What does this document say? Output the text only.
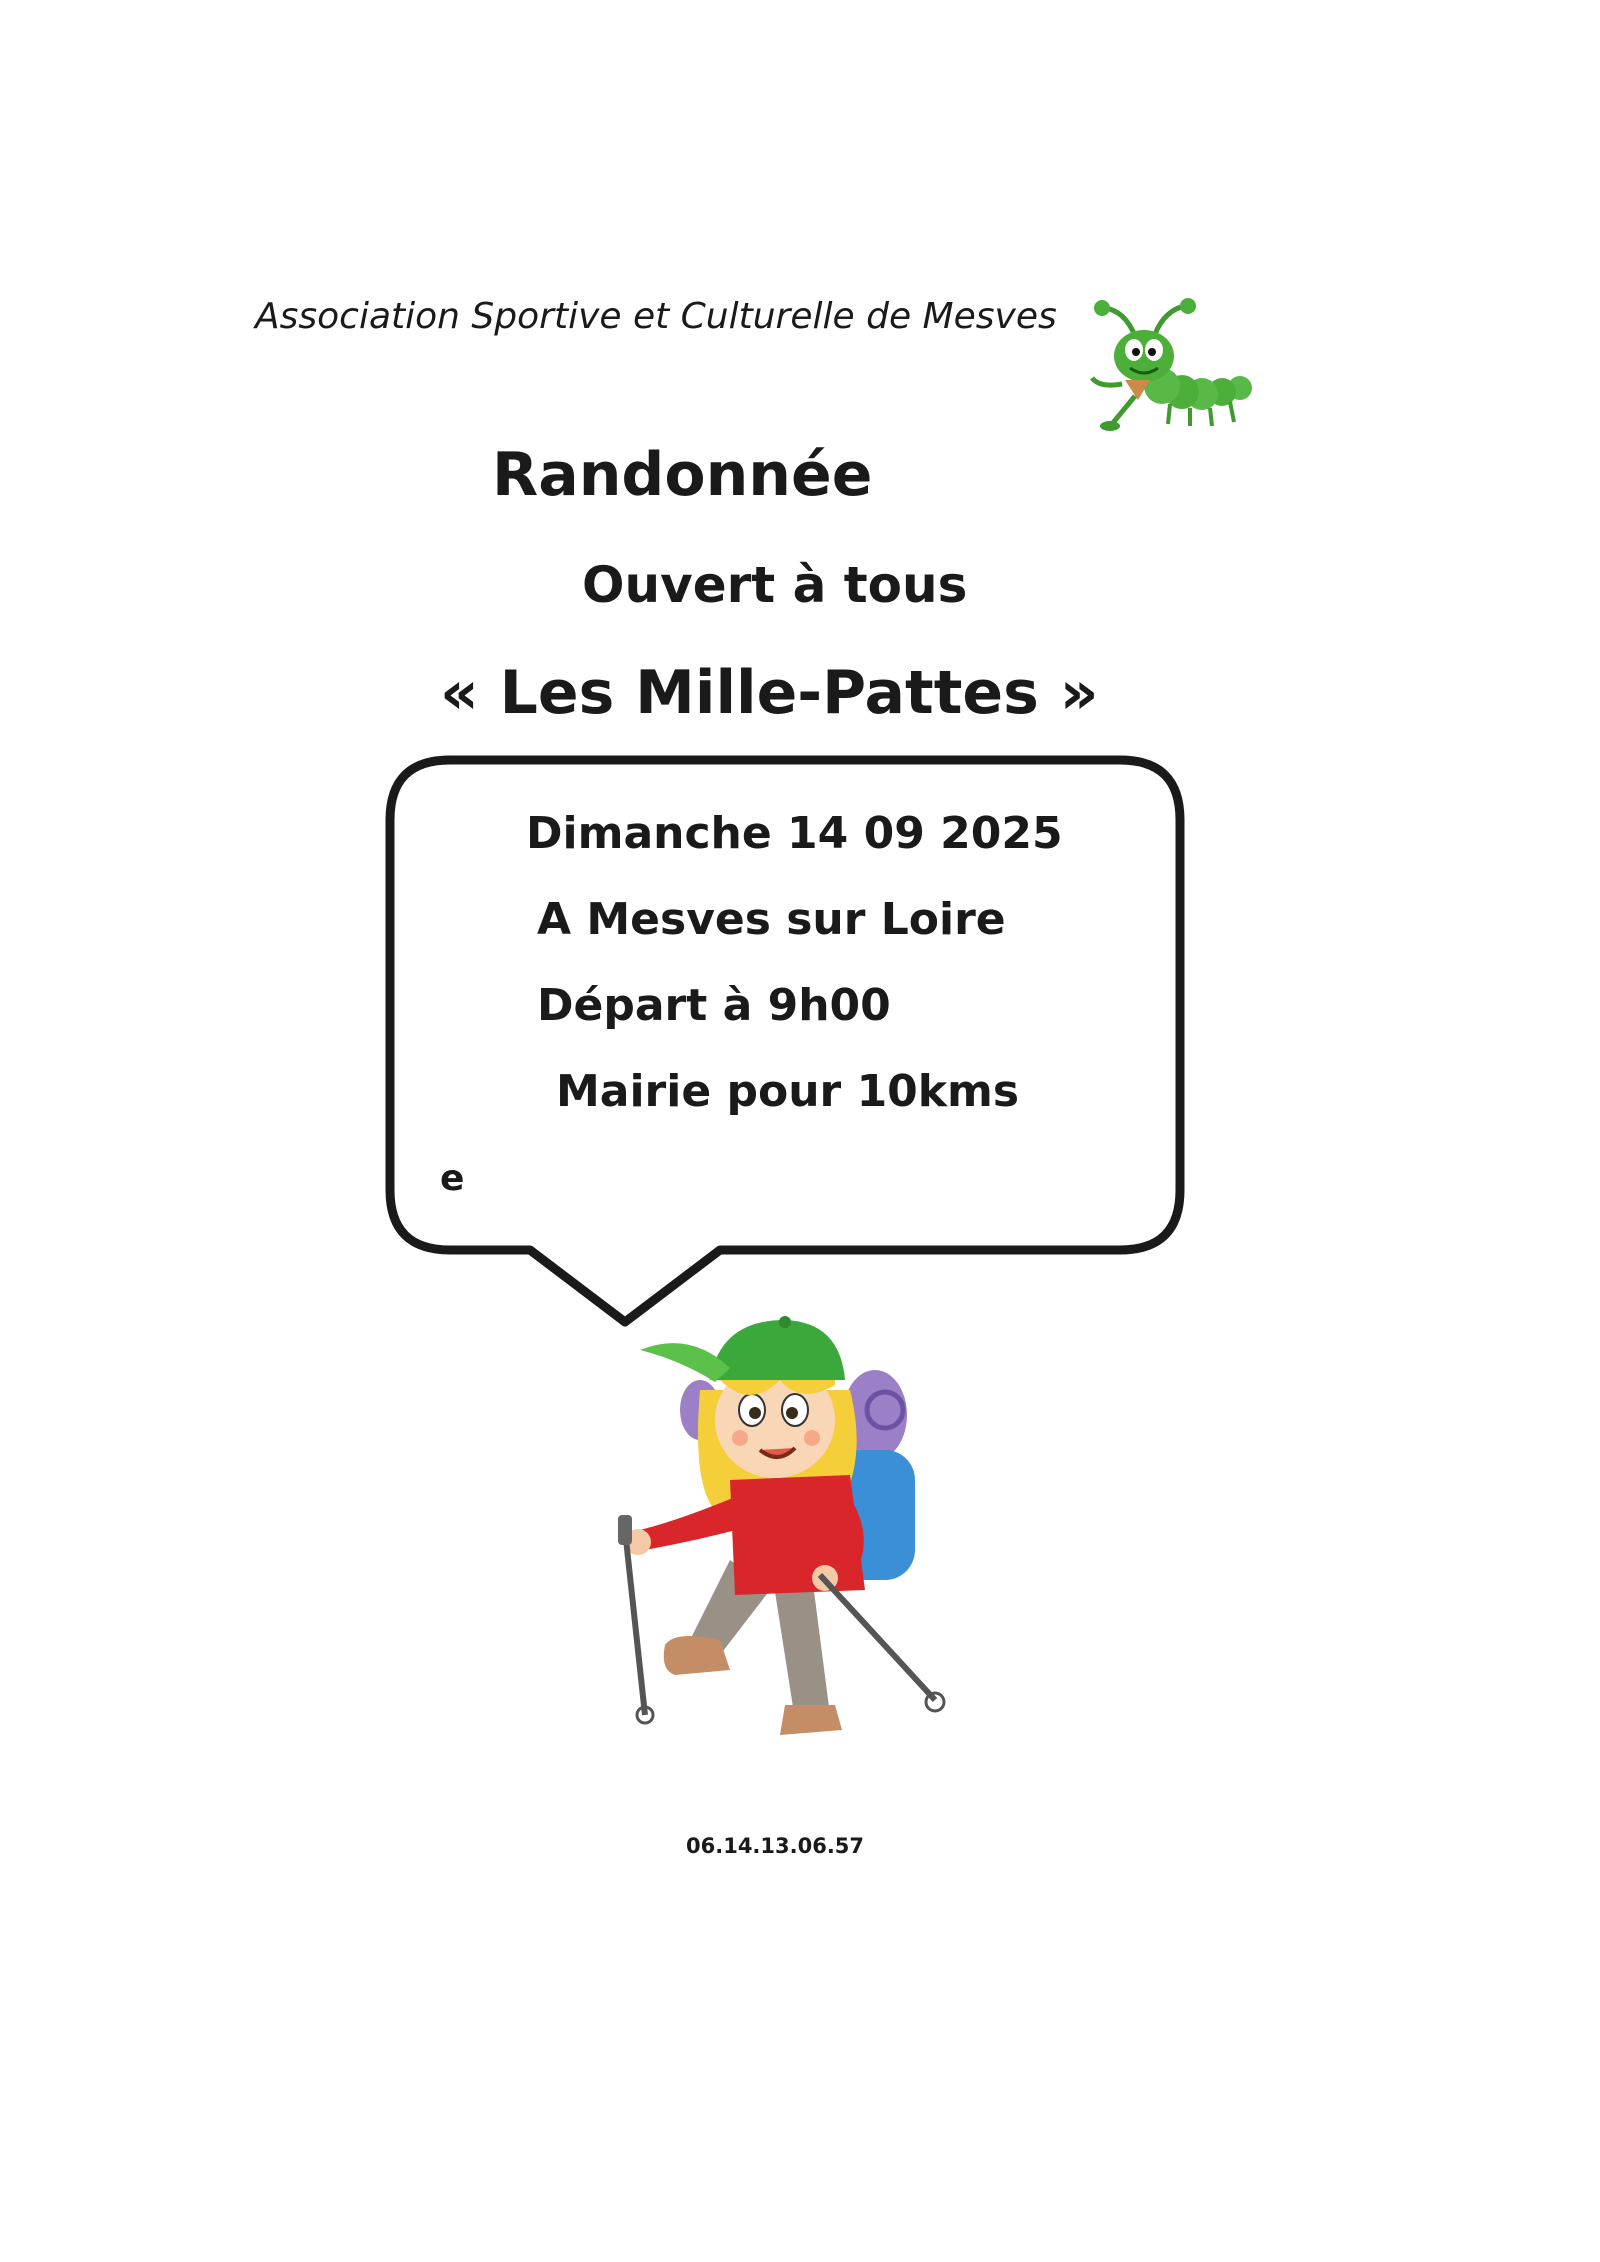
Association Sportive et Culturelle de Mesves
Randonnée
Ouvert à tous
« Les Mille-Pattes »
Dimanche 14 09 2025
A Mesves sur Loire
Départ à 9h00
Mairie pour 10kms
e
06.14.13.06.57
